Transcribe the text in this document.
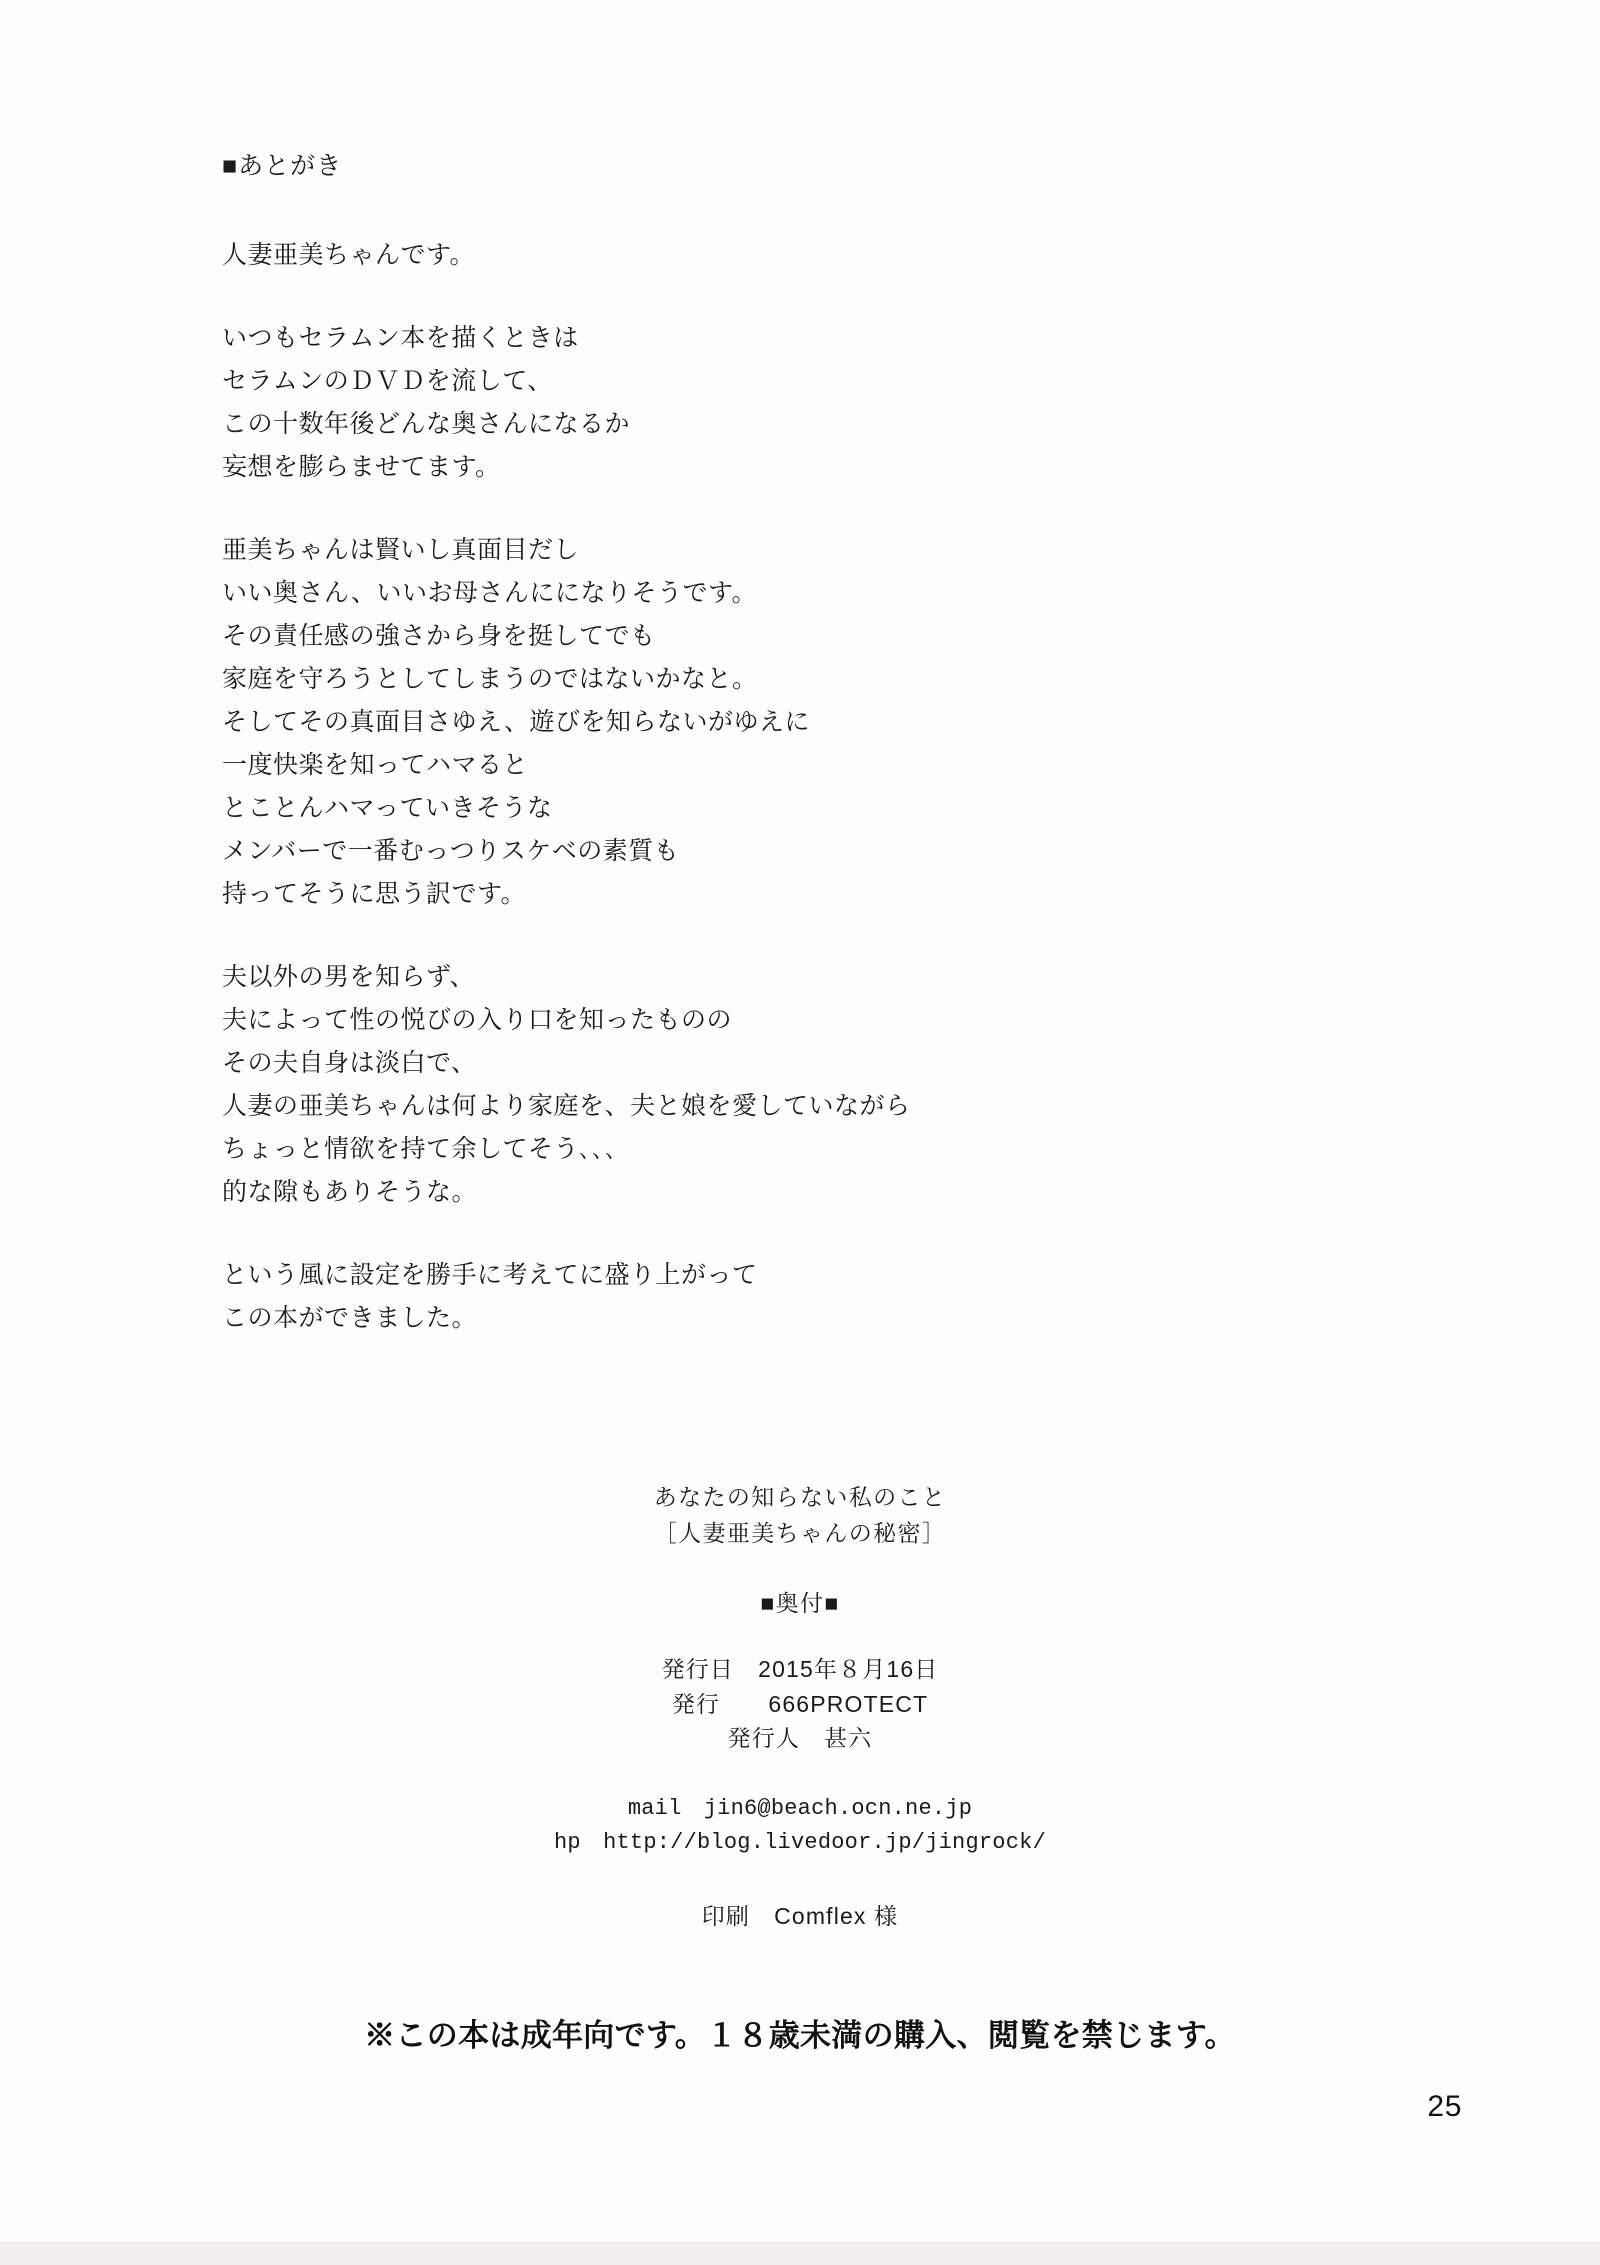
■あとがき
人妻亜美ちゃんです。
いつもセラムン本を描くときは
セラムンのＤＶＤを流して、
この十数年後どんな奥さんになるか
妄想を膨らませてます。
亜美ちゃんは賢いし真面目だし
いい奥さん、いいお母さんにになりそうです。
その責任感の強さから身を挺してでも
家庭を守ろうとしてしまうのではないかなと。
そしてその真面目さゆえ、遊びを知らないがゆえに
一度快楽を知ってハマると
とことんハマっていきそうな
メンバーで一番むっつりスケベの素質も
持ってそうに思う訳です。
夫以外の男を知らず、
夫によって性の悦びの入り口を知ったものの
その夫自身は淡白で、
人妻の亜美ちゃんは何より家庭を、夫と娘を愛していながら
ちょっと情欲を持て余してそう､､､
的な隙もありそうな。
という風に設定を勝手に考えてに盛り上がって
この本ができました。
あなたの知らない私のこと
［人妻亜美ちゃんの秘密］
■奥付■
発行日　2015年８月16日
発行　　666PROTECT
発行人　甚六
mail　jin6@beach.ocn.ne.jp
hp　http://blog.livedoor.jp/jingrock/
印刷　Comflex 様
※この本は成年向です。１８歳未満の購入、閲覧を禁じます。
25
